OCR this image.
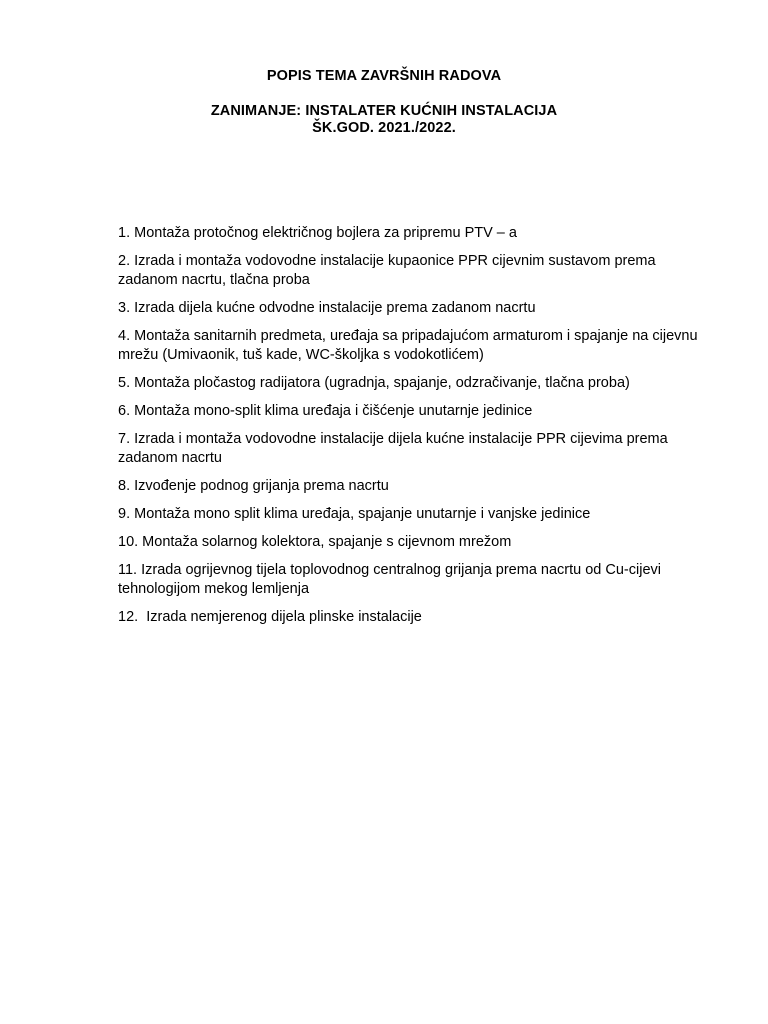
POPIS TEMA ZAVRŠNIH RADOVA
ZANIMANJE: INSTALATER KUĆNIH INSTALACIJA
ŠK.GOD. 2021./2022.
1. Montaža protočnog električnog bojlera za pripremu PTV – a
2. Izrada i montaža vodovodne instalacije kupaonice PPR cijevnim sustavom prema zadanom nacrtu, tlačna proba
3. Izrada dijela kućne odvodne instalacije prema zadanom nacrtu
4. Montaža sanitarnih predmeta, uređaja sa pripadajućom armaturom i spajanje na cijevnu mrežu (Umivaonik, tuš kade, WC-školjka s vodokotlićem)
5. Montaža pločastog radijatora (ugradnja, spajanje, odzračivanje, tlačna proba)
6. Montaža mono-split klima uređaja i čišćenje unutarnje jedinice
7. Izrada i montaža vodovodne instalacije dijela kućne instalacije PPR cijevima prema zadanom nacrtu
8. Izvođenje podnog grijanja prema nacrtu
9. Montaža mono split klima uređaja, spajanje unutarnje i vanjske jedinice
10. Montaža solarnog kolektora, spajanje s cijevnom mrežom
11. Izrada ogrijevnog tijela toplovodnog centralnog grijanja prema nacrtu od Cu-cijevi tehnologijom mekog lemljenja
12.  Izrada nemjerenog dijela plinske instalacije
